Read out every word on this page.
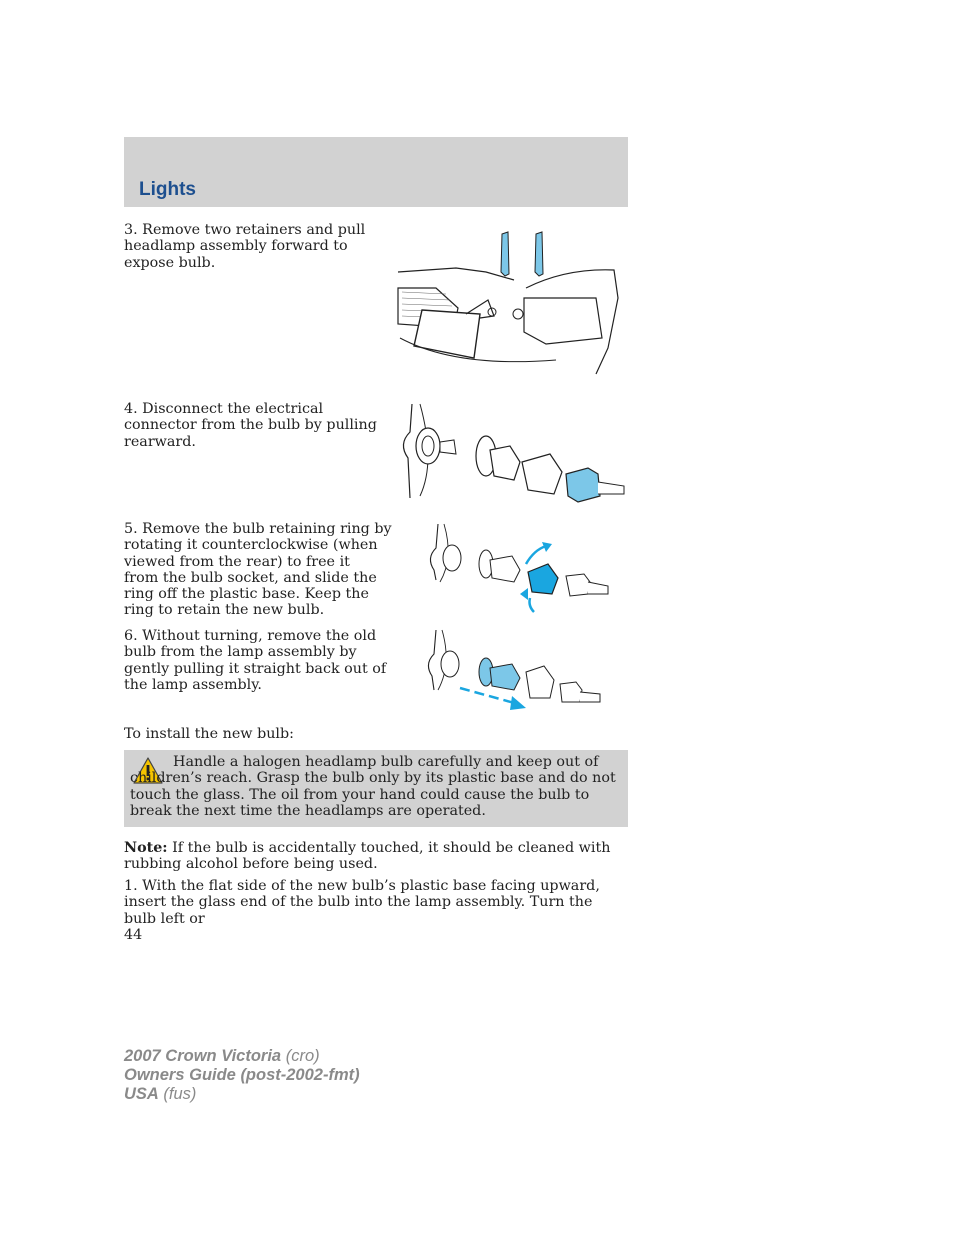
Lights
3. Remove two retainers and pull
headlamp assembly forward to
expose bulb.
4. Disconnect the electrical
connector from the bulb by pulling
rearward.
5. Remove the bulb retaining ring by
rotating it counterclockwise (when
viewed from the rear) to free it
from the bulb socket, and slide the
ring off the plastic base. Keep the
ring to retain the new bulb.
6. Without turning, remove the old
bulb from the lamp assembly by
gently pulling it straight back out of
the lamp assembly.
To install the new bulb:
Handle a halogen headlamp bulb carefully and keep out of children’s reach. Grasp the bulb only by its plastic base and do not touch the glass. The oil from your hand could cause the bulb to break the next time the headlamps are operated.
Note: If the bulb is accidentally touched, it should be cleaned with rubbing alcohol before being used.
1. With the flat side of the new bulb’s plastic base facing upward, insert the glass end of the bulb into the lamp assembly. Turn the bulb left or
44
2007 Crown Victoria (cro)
Owners Guide (post-2002-fmt)
USA (fus)
